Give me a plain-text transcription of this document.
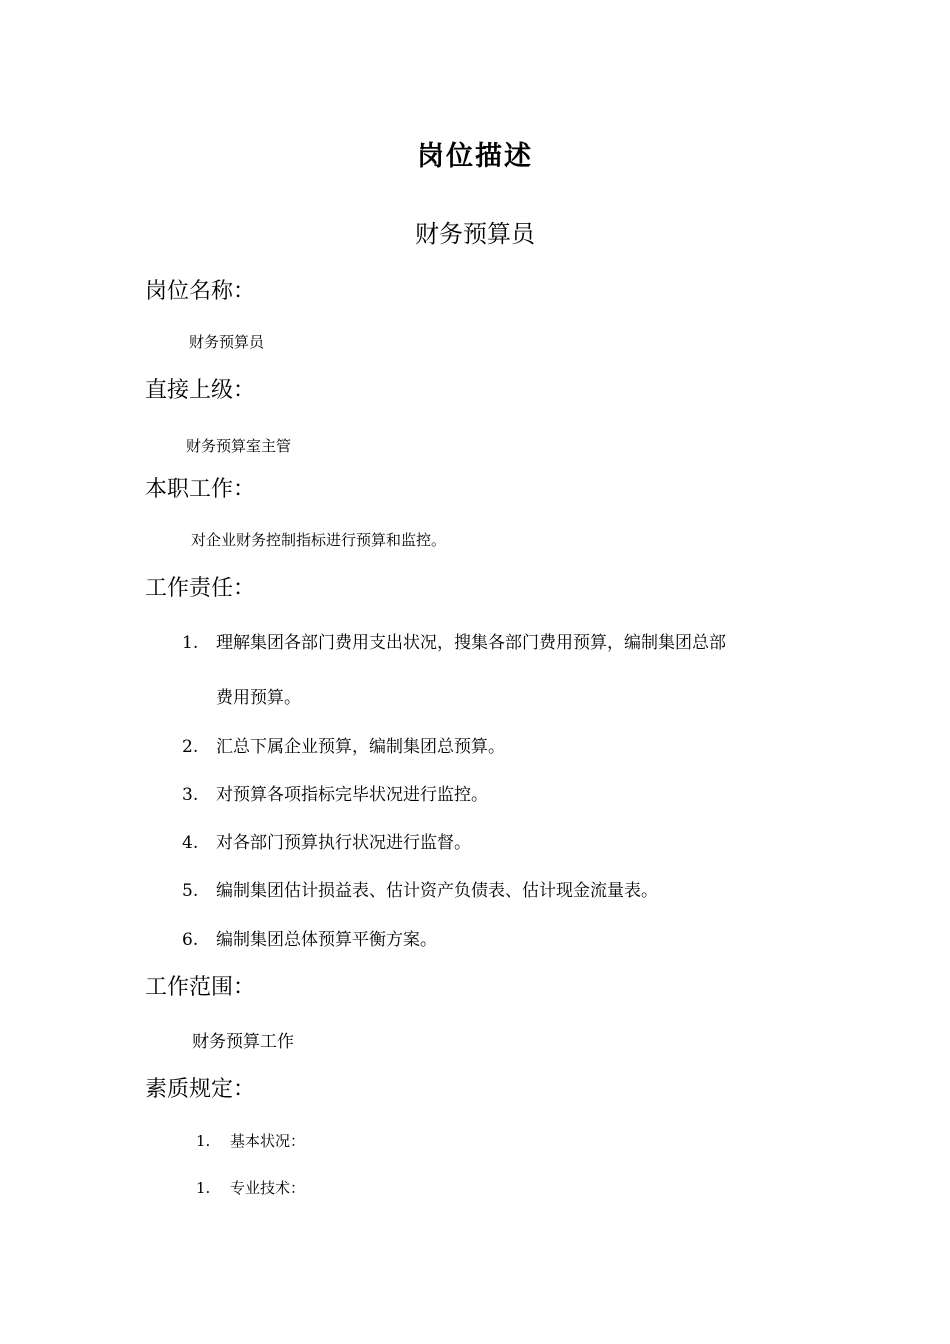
岗位描述
财务预算员
岗位名称：
财务预算员
直接上级：
财务预算室主管
本职工作：
对企业财务控制指标进行预算和监控。
工作责任：
1. 理解集团各部门费用支出状况，搜集各部门费用预算，编制集团总部
费用预算。
2. 汇总下属企业预算，编制集团总预算。
3. 对预算各项指标完毕状况进行监控。
4. 对各部门预算执行状况进行监督。
5. 编制集团估计损益表、估计资产负债表、估计现金流量表。
6. 编制集团总体预算平衡方案。
工作范围：
财务预算工作
素质规定：
1. 基本状况：
1. 专业技术：
